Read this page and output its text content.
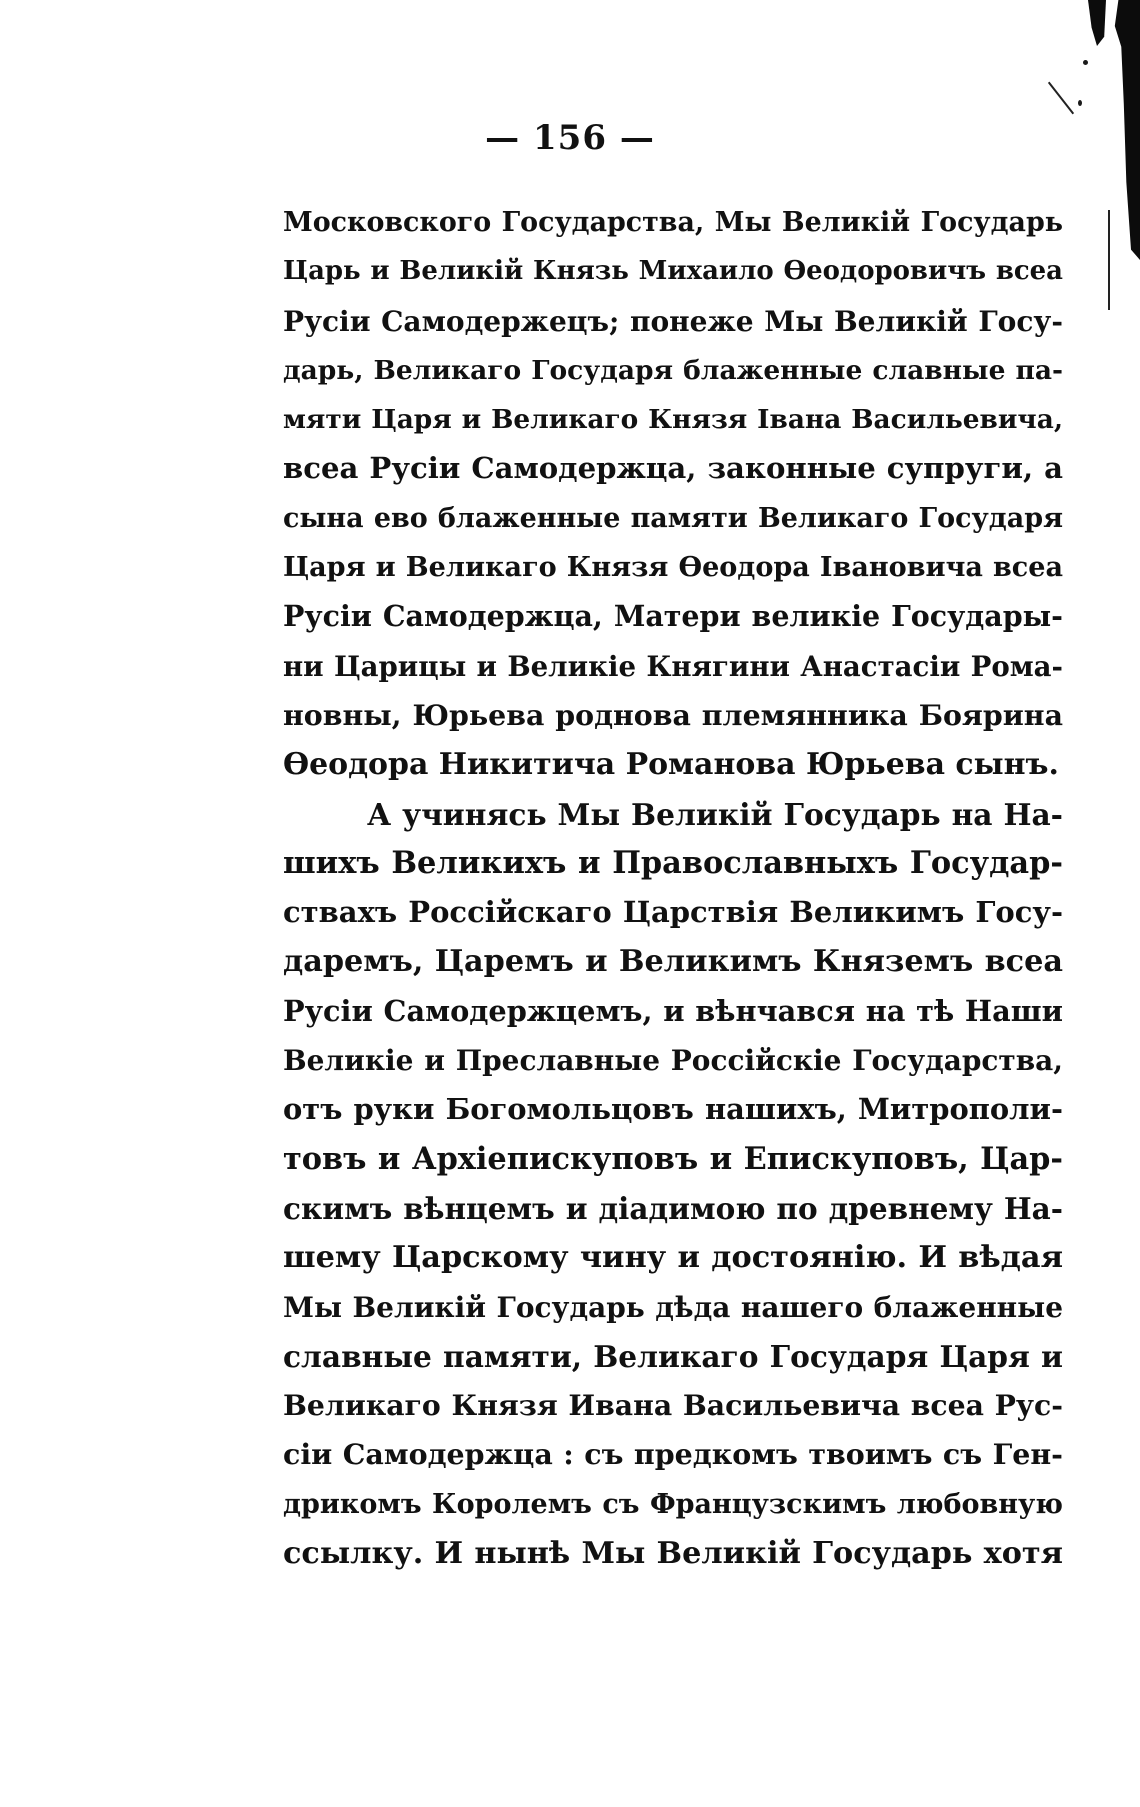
— 156 —
Московского Государства, Мы Великій Государь
Царь и Великій Князь Михаило Ѳеодоровичъ всеа
Русіи Самодержецъ; понеже Мы Великій Госу-
дарь, Великаго Государя блаженные славные па-
мяти Царя и Великаго Князя Івана Васильевича,
всеа Русіи Самодержца, законные супруги, а
сына ево блаженные памяти Великаго Государя
Царя и Великаго Князя Ѳеодора Івановича всеа
Русіи Самодержца, Матери великіе Государы-
ни Царицы и Великіе Княгини Анастасіи Рома-
новны, Юрьева роднова племянника Боярина
Ѳеодора Никитича Романова Юрьева сынъ.
А учинясь Мы Великій Государь на На-
шихъ Великихъ и Православныхъ Государ-
ствахъ Россійскаго Царствія Великимъ Госу-
даремъ, Царемъ и Великимъ Княземъ всеа
Русіи Самодержцемъ, и вѣнчався на тѣ Наши
Великіе и Преславные Россійскіе Государства,
отъ руки Богомольцовъ нашихъ, Митрополи-
товъ и Архіепискуповъ и Епискуповъ, Цар-
скимъ вѣнцемъ и діадимою по древнему На-
шему Царскому чину и достоянію. И вѣдая
Мы Великій Государь дѣда нашего блаженные
славные памяти, Великаго Государя Царя и
Великаго Князя Ивана Васильевича всеа Рус-
сіи Самодержца : съ предкомъ твоимъ съ Ген-
дрикомъ Королемъ съ Французскимъ любовную
ссылку. И нынѣ Мы Великій Государь хотя
